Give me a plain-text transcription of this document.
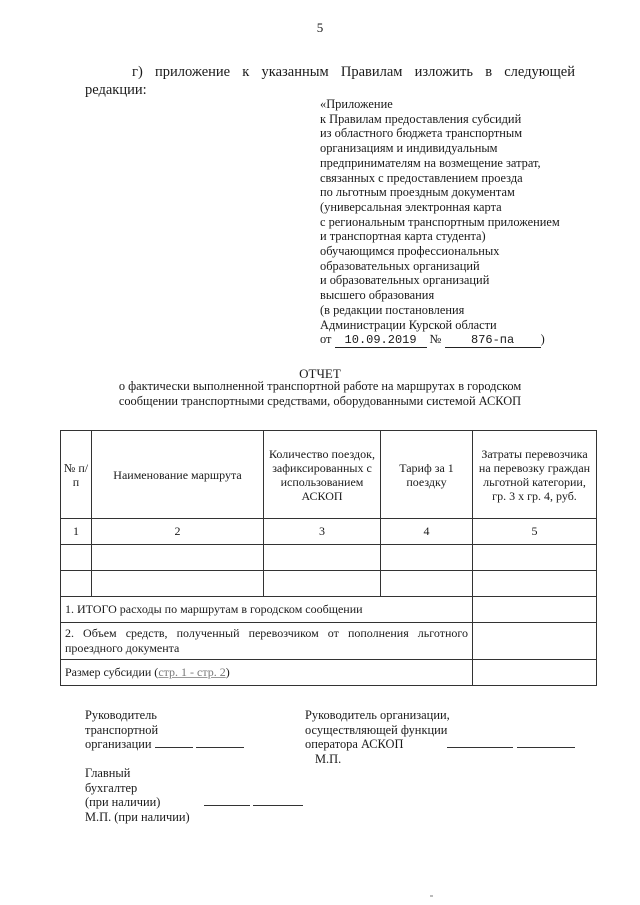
5
г) приложение к указанным Правилам изложить в следующей
редакции:
«Приложение
к Правилам предоставления субсидий
из областного бюджета транспортным
организациям и индивидуальным
предпринимателям на возмещение затрат,
связанных с предоставлением проезда
по льготным проездным документам
(универсальная электронная карта
с региональным транспортным приложением
и транспортная карта студента)
обучающимся профессиональных
образовательных организаций
и образовательных организаций
высшего образования
(в редакции постановления
Администрации Курской области
от 10.09.2019 № 876-па )
ОТЧЕТ
о фактически выполненной транспортной работе на маршрутах в городском
сообщении транспортными средствами, оборудованными системой АСКОП
№ п/п	Наименование маршрута	Количество поездок, зафиксированных с использованием АСКОП	Тариф за 1 поездку	Затраты перевозчика на перевозку граждан льготной категории, гр. 3 х гр. 4, руб.
1	2	3	4	5

1. ИТОГО расходы по маршрутам в городском сообщении				
2. Объем средств, полученный перевозчиком от пополнения льготного проездного документа				
Размер субсидии (стр. 1 - стр. 2)				
Руководитель
транспортной
организации
Руководитель организации,
осуществляющей функции
оператора АСКОП
М.П.
Главный
бухгалтер
(при наличии)
М.П. (при наличии)
